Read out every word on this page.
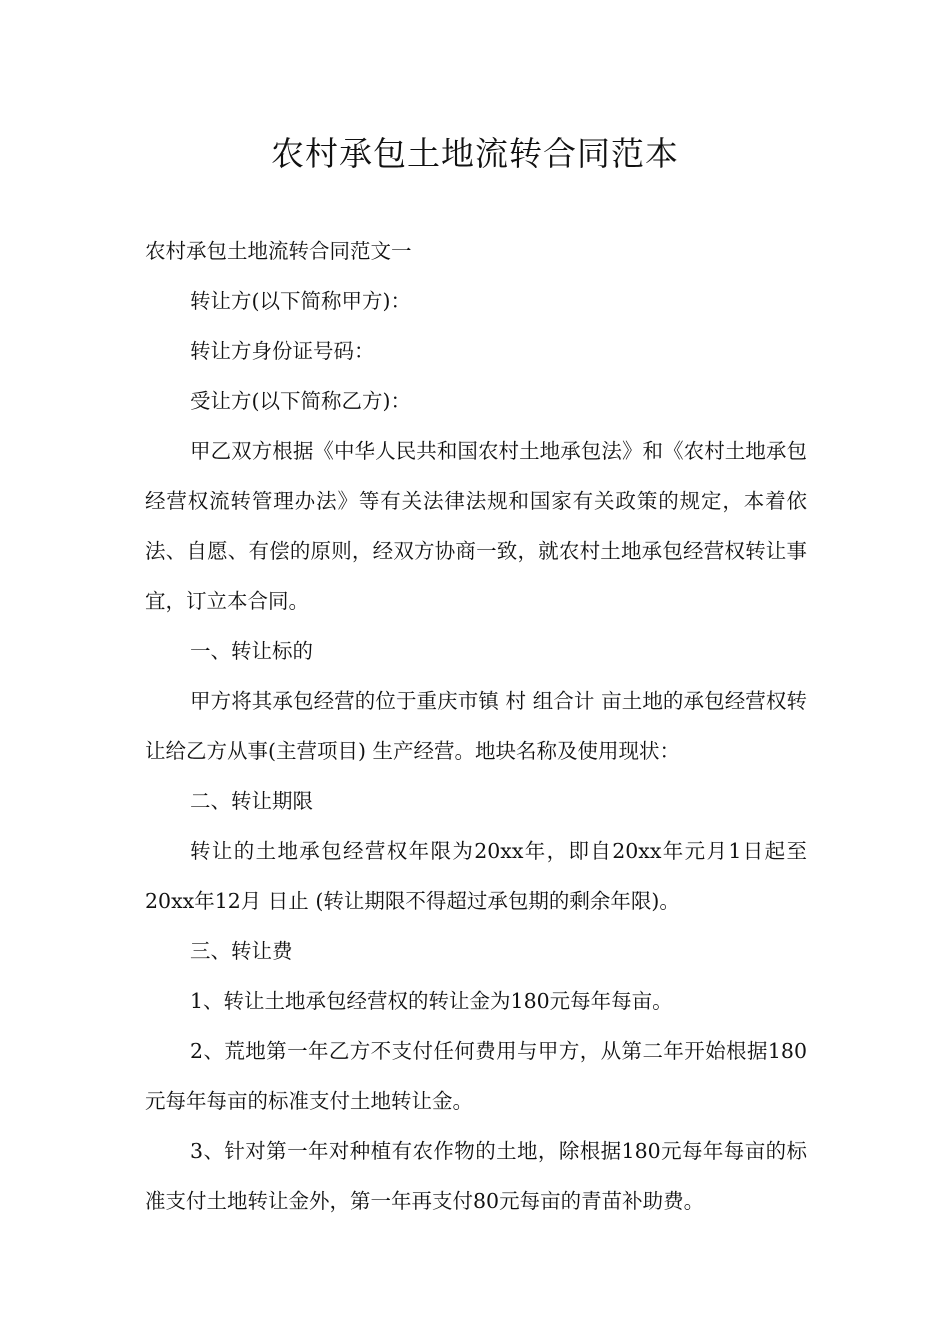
农村承包土地流转合同范本

农村承包土地流转合同范文一

转让方(以下简称甲方)：

转让方身份证号码：

受让方(以下简称乙方)：

甲乙双方根据《中华人民共和国农村土地承包法》和《农村土地承包经营权流转管理办法》等有关法律法规和国家有关政策的规定，本着依法、自愿、有偿的原则，经双方协商一致，就农村土地承包经营权转让事宜，订立本合同。

一、转让标的

甲方将其承包经营的位于重庆市镇 村 组合计 亩土地的承包经营权转让给乙方从事(主营项目) 生产经营。地块名称及使用现状：

二、转让期限

转让的土地承包经营权年限为20xx年，即自20xx年元月1日起至20xx年12月 日止 (转让期限不得超过承包期的剩余年限)。

三、转让费

1、转让土地承包经营权的转让金为180元每年每亩。

2、荒地第一年乙方不支付任何费用与甲方，从第二年开始根据180元每年每亩的标准支付土地转让金。

3、针对第一年对种植有农作物的土地，除根据180元每年每亩的标准支付土地转让金外，第一年再支付80元每亩的青苗补助费。
